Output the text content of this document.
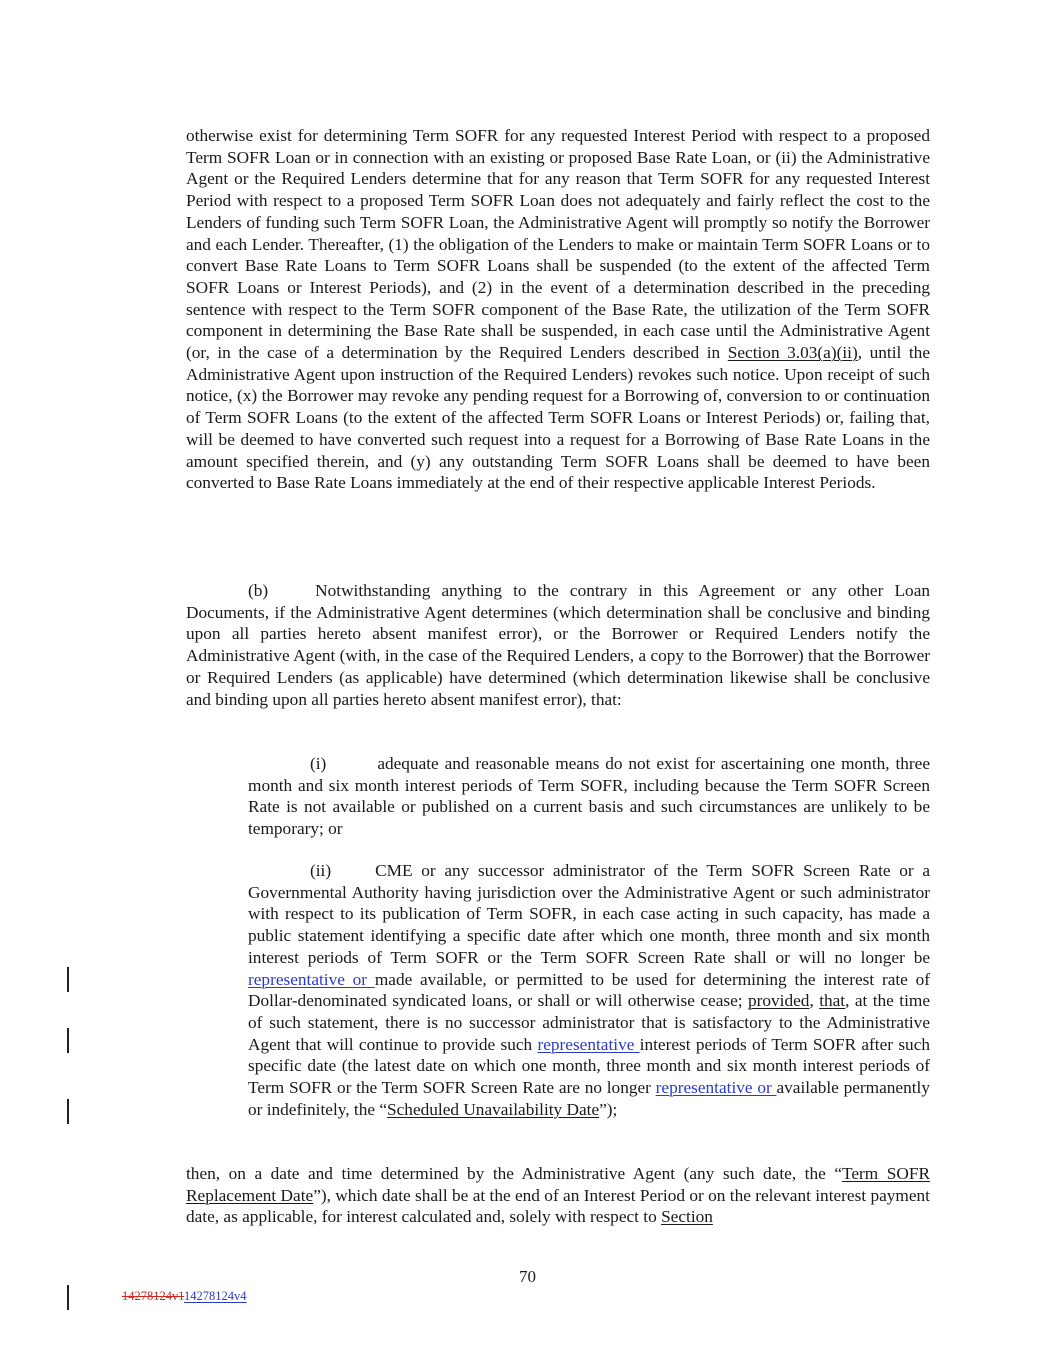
otherwise exist for determining Term SOFR for any requested Interest Period with respect to a proposed Term SOFR Loan or in connection with an existing or proposed Base Rate Loan, or (ii) the Administrative Agent or the Required Lenders determine that for any reason that Term SOFR for any requested Interest Period with respect to a proposed Term SOFR Loan does not adequately and fairly reflect the cost to the Lenders of funding such Term SOFR Loan, the Administrative Agent will promptly so notify the Borrower and each Lender. Thereafter, (1) the obligation of the Lenders to make or maintain Term SOFR Loans or to convert Base Rate Loans to Term SOFR Loans shall be suspended (to the extent of the affected Term SOFR Loans or Interest Periods), and (2) in the event of a determination described in the preceding sentence with respect to the Term SOFR component of the Base Rate, the utilization of the Term SOFR component in determining the Base Rate shall be suspended, in each case until the Administrative Agent (or, in the case of a determination by the Required Lenders described in Section 3.03(a)(ii), until the Administrative Agent upon instruction of the Required Lenders) revokes such notice. Upon receipt of such notice, (x) the Borrower may revoke any pending request for a Borrowing of, conversion to or continuation of Term SOFR Loans (to the extent of the affected Term SOFR Loans or Interest Periods) or, failing that, will be deemed to have converted such request into a request for a Borrowing of Base Rate Loans in the amount specified therein, and (y) any outstanding Term SOFR Loans shall be deemed to have been converted to Base Rate Loans immediately at the end of their respective applicable Interest Periods.

(b)	Notwithstanding anything to the contrary in this Agreement or any other Loan Documents, if the Administrative Agent determines (which determination shall be conclusive and binding upon all parties hereto absent manifest error), or the Borrower or Required Lenders notify the Administrative Agent (with, in the case of the Required Lenders, a copy to the Borrower) that the Borrower or Required Lenders (as applicable) have determined (which determination likewise shall be conclusive and binding upon all parties hereto absent manifest error), that:

(i)	adequate and reasonable means do not exist for ascertaining one month, three month and six month interest periods of Term SOFR, including because the Term SOFR Screen Rate is not available or published on a current basis and such circumstances are unlikely to be temporary; or

(ii)	CME or any successor administrator of the Term SOFR Screen Rate or a Governmental Authority having jurisdiction over the Administrative Agent or such administrator with respect to its publication of Term SOFR, in each case acting in such capacity, has made a public statement identifying a specific date after which one month, three month and six month interest periods of Term SOFR or the Term SOFR Screen Rate shall or will no longer be representative or made available, or permitted to be used for determining the interest rate of Dollar-denominated syndicated loans, or shall or will otherwise cease; provided, that, at the time of such statement, there is no successor administrator that is satisfactory to the Administrative Agent that will continue to provide such representative interest periods of Term SOFR after such specific date (the latest date on which one month, three month and six month interest periods of Term SOFR or the Term SOFR Screen Rate are no longer representative or available permanently or indefinitely, the “Scheduled Unavailability Date”);

then, on a date and time determined by the Administrative Agent (any such date, the “Term SOFR Replacement Date”), which date shall be at the end of an Interest Period or on the relevant interest payment date, as applicable, for interest calculated and, solely with respect to Section

70
14278124v114278124v4
